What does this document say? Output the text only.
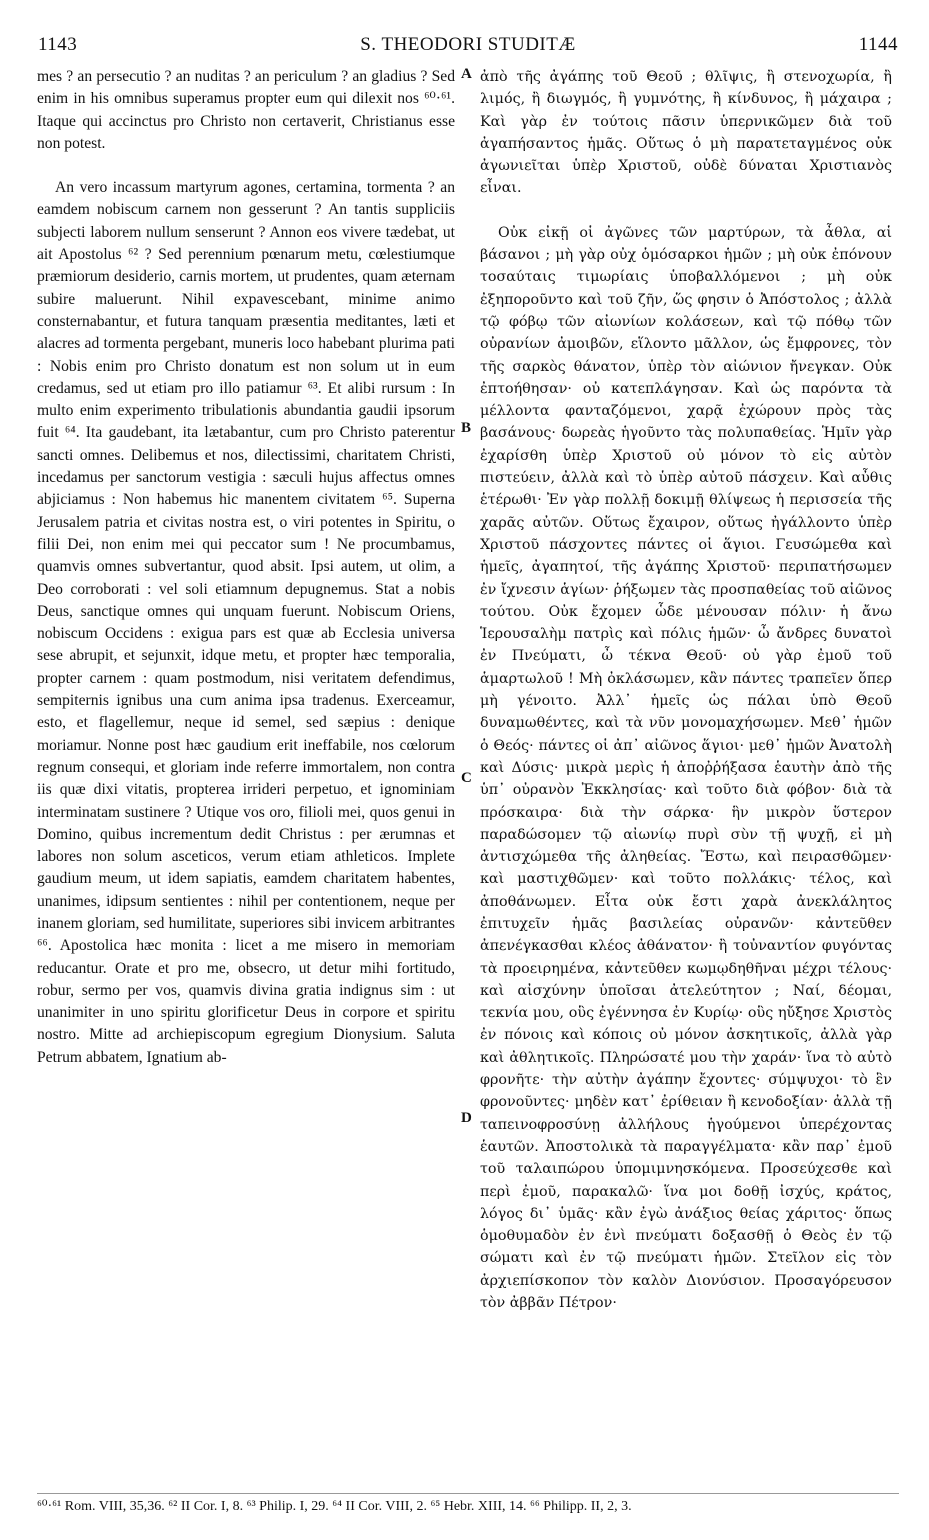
1143	S. THEODORI STUDITÆ	1144

mes ? an persecutio ? an nuditas ? an periculum ? an gladius ? Sed enim in his omnibus superamus propter eum qui dilexit nos ⁶⁰·⁶¹. Itaque qui accinctus pro Christo non certaverit, Christianus esse non potest.

An vero incassum martyrum agones, certamina, tormenta ? an eamdem nobiscum carnem non gesserunt ? An tantis suppliciis subjecti laborem nullum senserunt ? Annon eos vivere tædebat, ut ait Apostolus ⁶² ? Sed perennium pœnarum metu, cœlestiumque præmiorum desiderio, carnis mortem, ut prudentes, quam æternam subire maluerunt. Nihil expavescebant, minime animo consternabantur, et futura tanquam præsentia meditantes, læti et alacres ad tormenta pergebant, muneris loco habebant plurima pati : Nobis enim pro Christo donatum est non solum ut in eum credamus, sed ut etiam pro illo patiamur ⁶³. Et alibi rursum : In multo enim experimento tribulationis abundantia gaudii ipsorum fuit ⁶⁴. Ita gaudebant, ita lætabantur, cum pro Christo paterentur sancti omnes. Delibemus et nos, dilectissimi, charitatem Christi, incedamus per sanctorum vestigia : sæculi hujus affectus omnes abjiciamus : Non habemus hic manentem civitatem ⁶⁵. Superna Jerusalem patria et civitas nostra est, o viri potentes in Spiritu, o filii Dei, non enim mei qui peccator sum ! Ne procumbamus, quamvis omnes subvertantur, quod absit. Ipsi autem, ut olim, a Deo corroborati : vel soli etiamnum depugnemus. Stat a nobis Deus, sanctique omnes qui unquam fuerunt. Nobiscum Oriens, nobiscum Occidens : exigua pars est quæ ab Ecclesia universa sese abrupit, et sejunxit, idque metu, et propter hæc temporalia, propter carnem : quam postmodum, nisi veritatem defendimus, sempiternis ignibus una cum anima ipsa tradenus. Exerceamur, esto, et flagellemur, neque id semel, sed sæpius : denique moriamur. Nonne post hæc gaudium erit ineffabile, nos cœlorum regnum consequi, et gloriam inde referre immortalem, non contra iis quæ dixi vitatis, propterea irrideri perpetuo, et ignominiam interminatam sustinere ? Utique vos oro, filioli mei, quos genui in Domino, quibus incrementum dedit Christus : per ærumnas et labores non solum asceticos, verum etiam athleticos. Implete gaudium meum, ut idem sapiatis, eamdem charitatem habentes, unanimes, idipsum sentientes : nihil per contentionem, neque per inanem gloriam, sed humilitate, superiores sibi invicem arbitrantes ⁶⁶. Apostolica hæc monita : licet a me misero in memoriam reducantur. Orate et pro me, obsecro, ut detur mihi fortitudo, robur, sermo per vos, quamvis divina gratia indignus sim : ut unanimiter in uno spiritu glorificetur Deus in corpore et spiritu nostro. Mitte ad archiepiscopum egregium Dionysium. Saluta Petrum abbatem, Ignatium ab-

A
B
C
D

ἀπὸ τῆς ἀγάπης τοῦ Θεοῦ ; θλῖψις, ἢ στενοχωρία, ἢ λιμός, ἢ διωγμός, ἢ γυμνότης, ἢ κίνδυνος, ἢ μάχαιρα ; Καὶ γὰρ ἐν τούτοις πᾶσιν ὑπερνικῶμεν διὰ τοῦ ἀγαπήσαντος ἡμᾶς. Οὕτως ὁ μὴ παρατεταγμένος οὐκ ἀγωνιεῖται ὑπὲρ Χριστοῦ, οὐδὲ δύναται Χριστιανὸς εἶναι.

Οὐκ εἰκῇ οἱ ἀγῶνες τῶν μαρτύρων, τὰ ἆθλα, αἱ βάσανοι ; μὴ γὰρ οὐχ ὁμόσαρκοι ἡμῶν ; μὴ οὐκ ἐπόνουν τοσαύταις τιμωρίαις ὑποβαλλόμενοι ; μὴ οὐκ ἐξηπορoῦντο καὶ τοῦ ζῆν, ὥς φησιν ὁ Ἀπόστολος ; ἀλλὰ τῷ φόβῳ τῶν αἰωνίων κολάσεων, καὶ τῷ πόθῳ τῶν οὐρανίων ἀμοιβῶν, εἵλοντο μᾶλλον, ὡς ἔμφρονες, τὸν τῆς σαρκὸς θάνατον, ὑπὲρ τὸν αἰώνιον ἤνεγκαν. Οὐκ ἐπτοήθησαν· οὐ κατεπλάγησαν. Καὶ ὡς παρόντα τὰ μέλλοντα φανταζόμενοι, χαρᾷ ἐχώρουν πρὸς τὰς βασάνους· δωρεὰς ἡγοῦντο τὰς πολυπαθείας. Ἡμῖν γὰρ ἐχαρίσθη ὑπὲρ Χριστοῦ οὐ μόνον τὸ εἰς αὐτὸν πιστεύειν, ἀλλὰ καὶ τὸ ὑπὲρ αὐτοῦ πάσχειν. Καὶ αὖθις ἑτέρωθι· Ἐν γὰρ πολλῇ δοκιμῇ θλίψεως ἡ περισσεία τῆς χαρᾶς αὐτῶν. Οὕτως ἔχαιρον, οὕτως ἠγάλλοντο ὑπὲρ Χριστοῦ πάσχοντες πάντες οἱ ἅγιοι. Γευσώμεθα καὶ ἡμεῖς, ἀγαπητοί, τῆς ἀγάπης Χριστοῦ· περιπατήσωμεν ἐν ἴχνεσιν ἁγίων· ῥήξωμεν τὰς προσπαθείας τοῦ αἰῶνος τούτου. Οὐκ ἔχομεν ὧδε μένουσαν πόλιν· ἡ ἄνω Ἱερουσαλὴμ πατρὶς καὶ πόλις ἡμῶν· ὦ ἄνδρες δυνατοὶ ἐν Πνεύματι, ὦ τέκνα Θεοῦ· οὐ γὰρ ἐμοῦ τοῦ ἁμαρτωλοῦ ! Μὴ ὀκλάσωμεν, κἂν πάντες τραπεῖεν ὅπερ μὴ γένοιτο. Ἀλλ᾽ ἡμεῖς ὡς πάλαι ὑπὸ Θεοῦ δυναμωθέντες, καὶ τὰ νῦν μονομαχήσωμεν. Μεθ᾽ ἡμῶν ὁ Θεός· πάντες οἱ ἀπ᾽ αἰῶνος ἅγιοι· μεθ᾽ ἡμῶν Ἀνατολὴ καὶ Δύσις· μικρὰ μερὶς ἡ ἀποῤῥήξασα ἑαυτὴν ἀπὸ τῆς ὑπ᾽ οὐρανὸν Ἐκκλησίας· καὶ τοῦτο διὰ φόβον· διὰ τὰ πρόσκαιρα· διὰ τὴν σάρκα· ἣν μικρὸν ὕστερον παραδώσομεν τῷ αἰωνίῳ πυρὶ σὺν τῇ ψυχῇ, εἰ μὴ ἀντισχώμεθα τῆς ἀληθείας. Ἔστω, καὶ πειρασθῶμεν· καὶ μαστιχθῶμεν· καὶ τοῦτο πολλάκις· τέλος, καὶ ἀποθάνωμεν. Εἶτα οὐκ ἔστι χαρὰ ἀνεκλάλητος ἐπιτυχεῖν ἡμᾶς βασιλείας οὐρανῶν· κἀντεῦθεν ἀπενέγκασθαι κλέος ἀθάνατον· ἢ τοὐναντίον φυγόντας τὰ προειρημένα, κἀντεῦθεν κωμῳδηθῆναι μέχρι τέλους· καὶ αἰσχύνην ὑποῖσαι ἀτελεύτητον ; Ναί, δέομαι, τεκνία μου, οὓς ἐγέννησα ἐν Κυρίῳ· οὓς ηὔξησε Χριστὸς ἐν πόνοις καὶ κόποις οὐ μόνον ἀσκητικοῖς, ἀλλὰ γὰρ καὶ ἀθλητικοῖς. Πληρώσατέ μου τὴν χαράν· ἵνα τὸ αὐτὸ φρονῆτε· τὴν αὐτὴν ἀγάπην ἔχοντες· σύμψυχοι· τὸ ἓν φρονοῦντες· μηδὲν κατ᾽ ἐρίθειαν ἢ κενοδοξίαν· ἀλλὰ τῇ ταπεινοφροσύνῃ ἀλλήλους ἡγούμενοι ὑπερέχοντας ἑαυτῶν. Ἀποστολικὰ τὰ παραγγέλματα· κἂν παρ᾽ ἐμοῦ τοῦ ταλαιπώρου ὑπομιμνησκόμενα. Προσεύχεσθε καὶ περὶ ἐμοῦ, παρακαλῶ· ἵνα μοι δοθῇ ἰσχύς, κράτος, λόγος δι᾽ ὑμᾶς· κἂν ἐγὼ ἀνάξιος θείας χάριτος· ὅπως ὁμοθυμαδὸν ἐν ἑνὶ πνεύματι δοξασθῇ ὁ Θεὸς ἐν τῷ σώματι καὶ ἐν τῷ πνεύματι ἡμῶν. Στεῖλον εἰς τὸν ἀρχιεπίσκοπον τὸν καλὸν Διονύσιον. Προσαγόρευσον τὸν ἀββᾶν Πέτρον·

⁶⁰·⁶¹ Rom. VIII, 35,36. ⁶² II Cor. I, 8. ⁶³ Philip. I, 29. ⁶⁴ II Cor. VIII, 2. ⁶⁵ Hebr. XIII, 14. ⁶⁶ Philipp. II, 2, 3.
